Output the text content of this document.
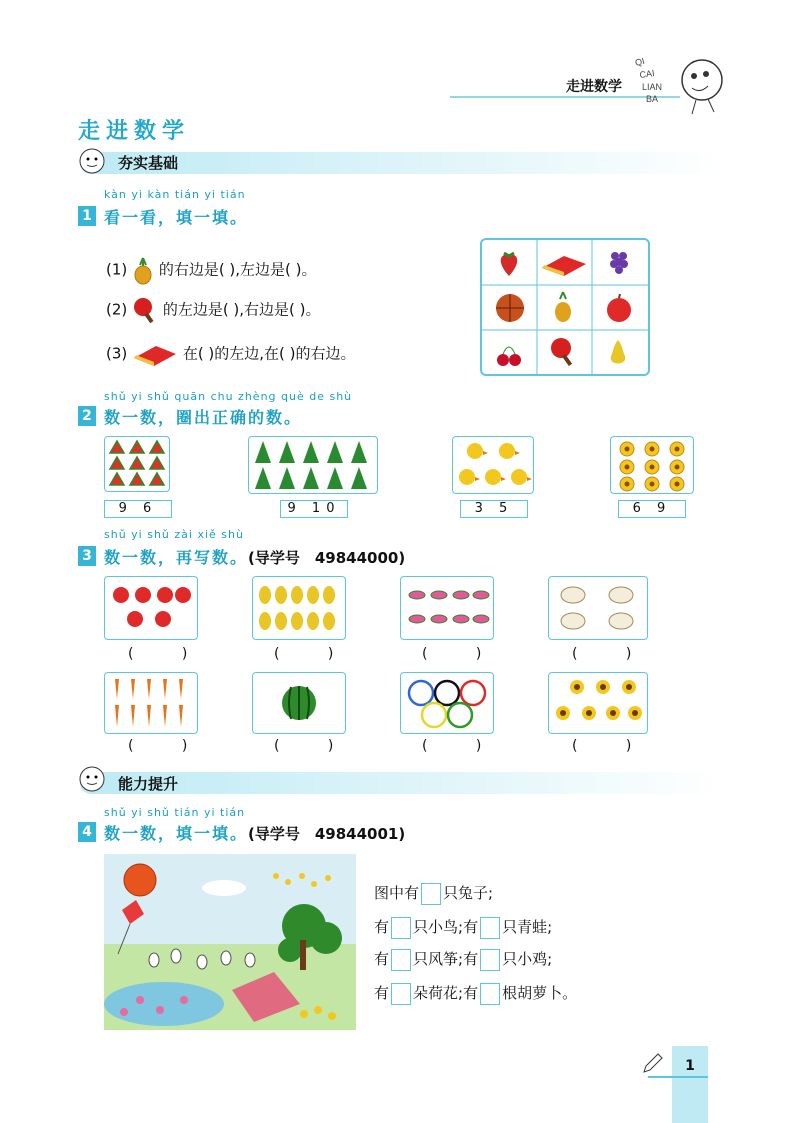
走进数学
QI
CAI
LIAN
BA
走进数学
夯实基础
kàn yi kàn tián yi tián
1 看一看，填一填。
(1) 的右边是( ),左边是( )。
(2) 的左边是( ),右边是( )。
(3)	在( )的左边,在( )的右边。
shǔ yi shǔ quān chu zhèng què de shù
2 数一数，圈出正确的数。
9 6	9 10	3 5	6 9
shǔ yi shǔ zài xiě shù
3 数一数，再写数。(导学号　49844000)
( )	( )	( )	( )
( )	( )	( )	( )
能力提升
shǔ yi shǔ tián yi tián
4 数一数，填一填。(导学号　49844001)
图中有 只兔子;
有 只小鸟;有 只青蛙;
有 只风筝;有 只小鸡;
有 朵荷花;有 根胡萝卜。
1
